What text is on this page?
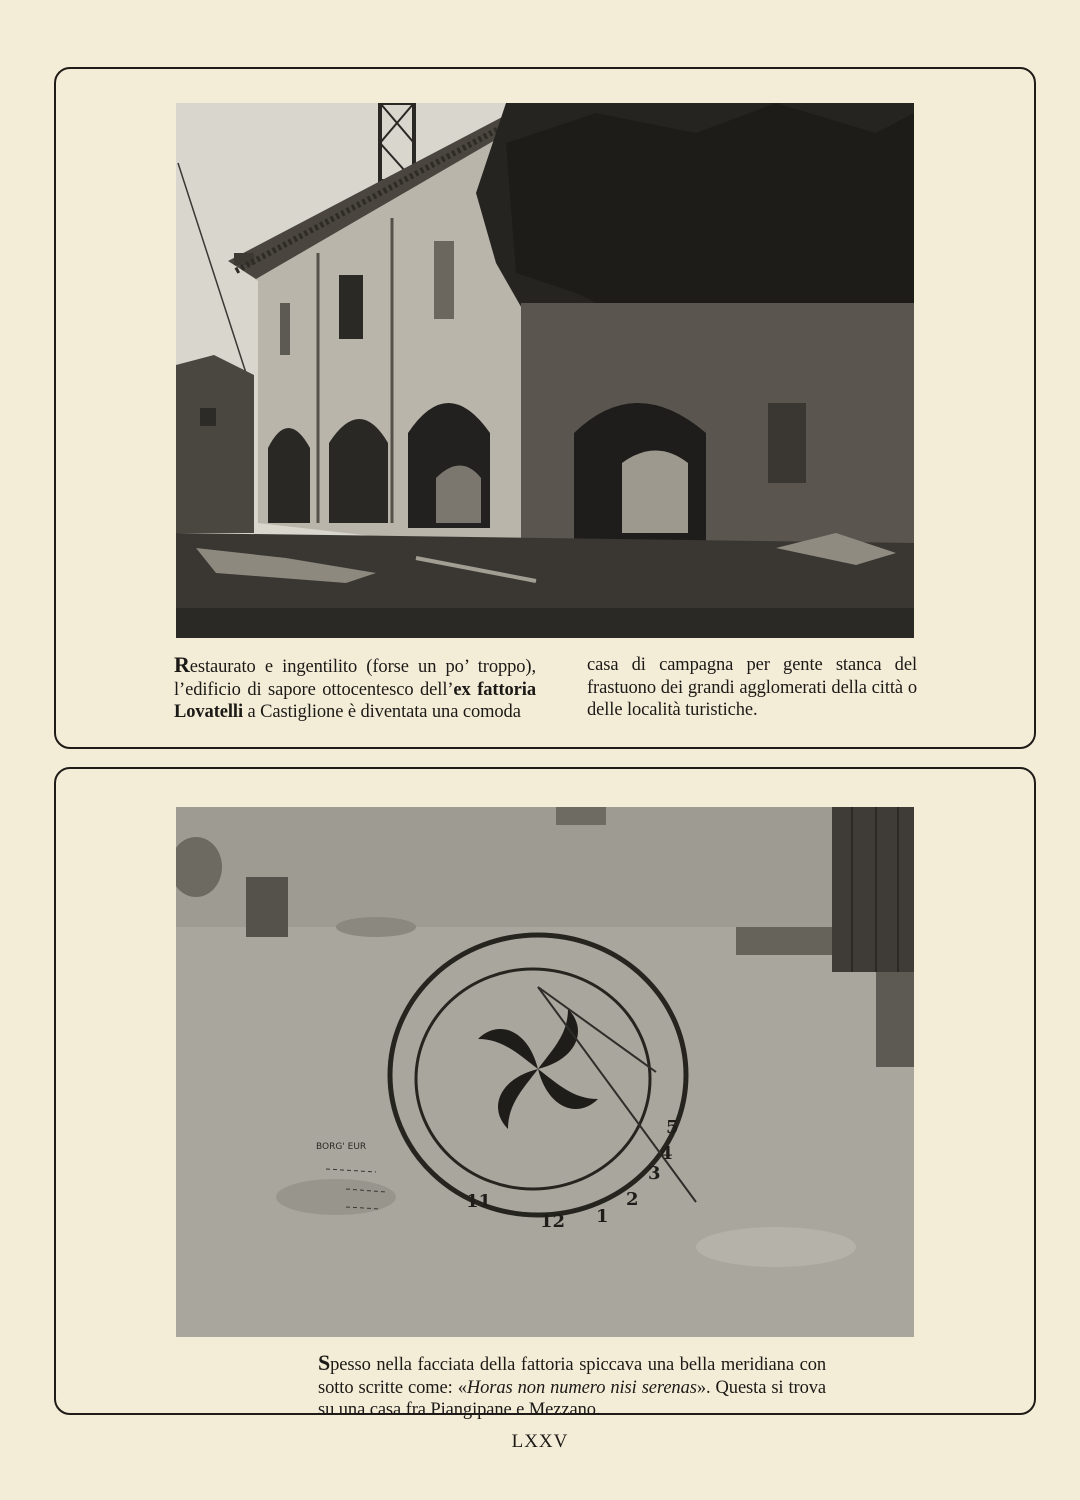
Restaurato e ingentilito (forse un po’ troppo), l’edificio di sapore ottocentesco dell’ex fattoria Lovatelli a Castiglione è diventata una comoda
casa di campagna per gente stanca del frastuono dei grandi agglomerati della città o delle località turistiche.
11
12 1
2
3
4
5
BORG' EUR
Spesso nella facciata della fattoria spiccava una bella meridiana con sotto scritte come: «Horas non numero nisi serenas». Questa si trova su una casa fra Piangipane e Mezzano.
LXXV
